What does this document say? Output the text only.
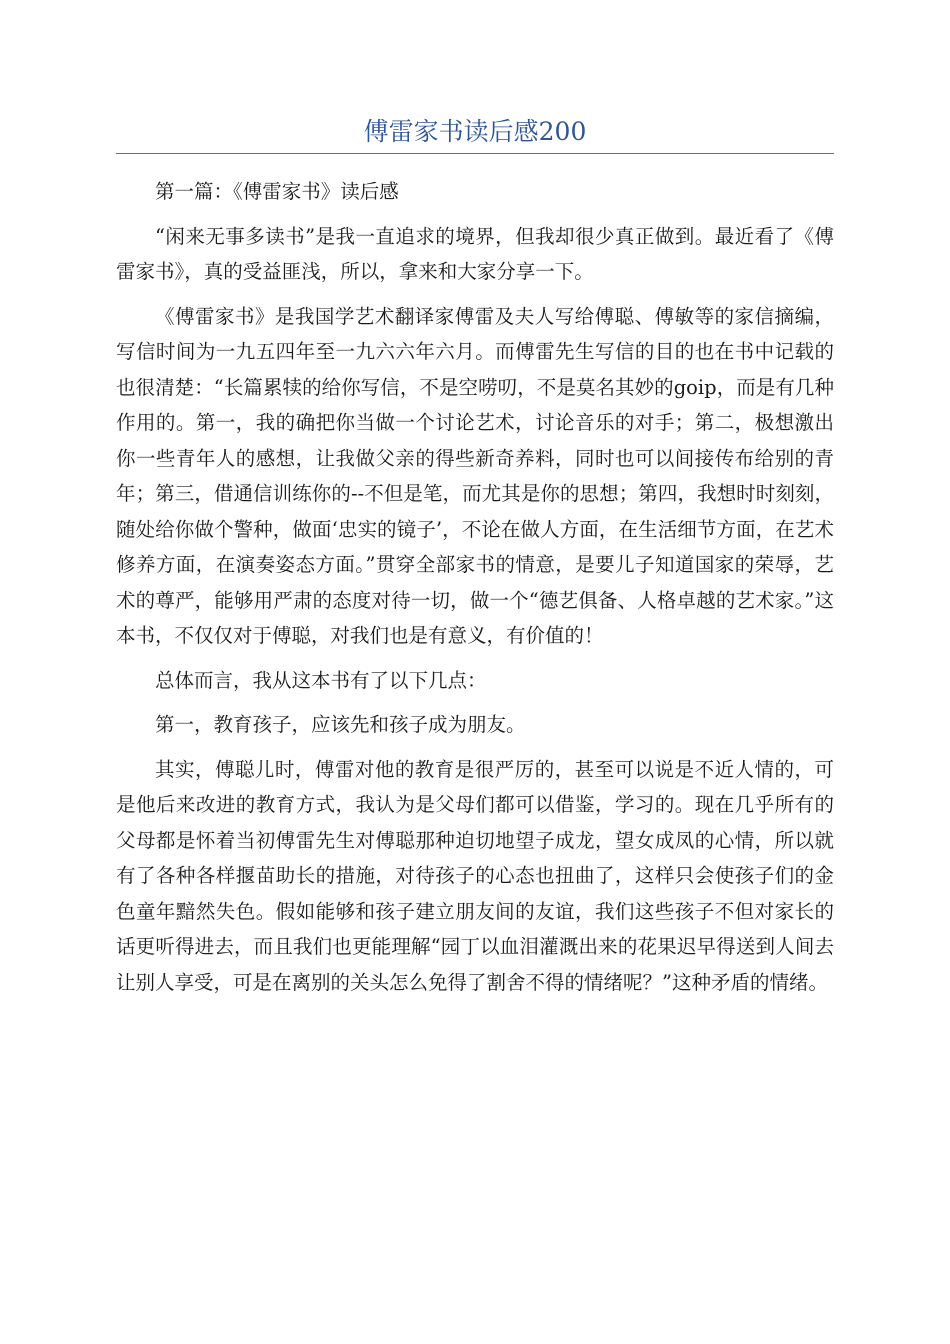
傅雷家书读后感200

第一篇：《傅雷家书》读后感

“闲来无事多读书”是我一直追求的境界，但我却很少真正做到。最近看了《傅雷家书》，真的受益匪浅，所以，拿来和大家分享一下。

《傅雷家书》是我国学艺术翻译家傅雷及夫人写给傅聪、傅敏等的家信摘编，写信时间为一九五四年至一九六六年六月。而傅雷先生写信的目的也在书中记载的也很清楚：“长篇累犊的给你写信，不是空唠叨，不是莫名其妙的goip，而是有几种作用的。第一，我的确把你当做一个讨论艺术，讨论音乐的对手；第二，极想激出你一些青年人的感想，让我做父亲的得些新奇养料，同时也可以间接传布给别的青年；第三，借通信训练你的--不但是笔，而尤其是你的思想；第四，我想时时刻刻，随处给你做个警种，做面‘忠实的镜子’，不论在做人方面，在生活细节方面，在艺术修养方面，在演奏姿态方面。”贯穿全部家书的情意，是要儿子知道国家的荣辱，艺术的尊严，能够用严肃的态度对待一切，做一个“德艺俱备、人格卓越的艺术家。”这本书，不仅仅对于傅聪，对我们也是有意义，有价值的！

总体而言，我从这本书有了以下几点：

第一，教育孩子，应该先和孩子成为朋友。

其实，傅聪儿时，傅雷对他的教育是很严厉的，甚至可以说是不近人情的，可是他后来改进的教育方式，我认为是父母们都可以借鉴，学习的。现在几乎所有的父母都是怀着当初傅雷先生对傅聪那种迫切地望子成龙，望女成凤的心情，所以就有了各种各样揠苗助长的措施，对待孩子的心态也扭曲了，这样只会使孩子们的金色童年黯然失色。假如能够和孩子建立朋友间的友谊，我们这些孩子不但对家长的话更听得进去，而且我们也更能理解“园丁以血泪灌溉出来的花果迟早得送到人间去让别人享受，可是在离别的关头怎么免得了割舍不得的情绪呢？”这种矛盾的情绪。
